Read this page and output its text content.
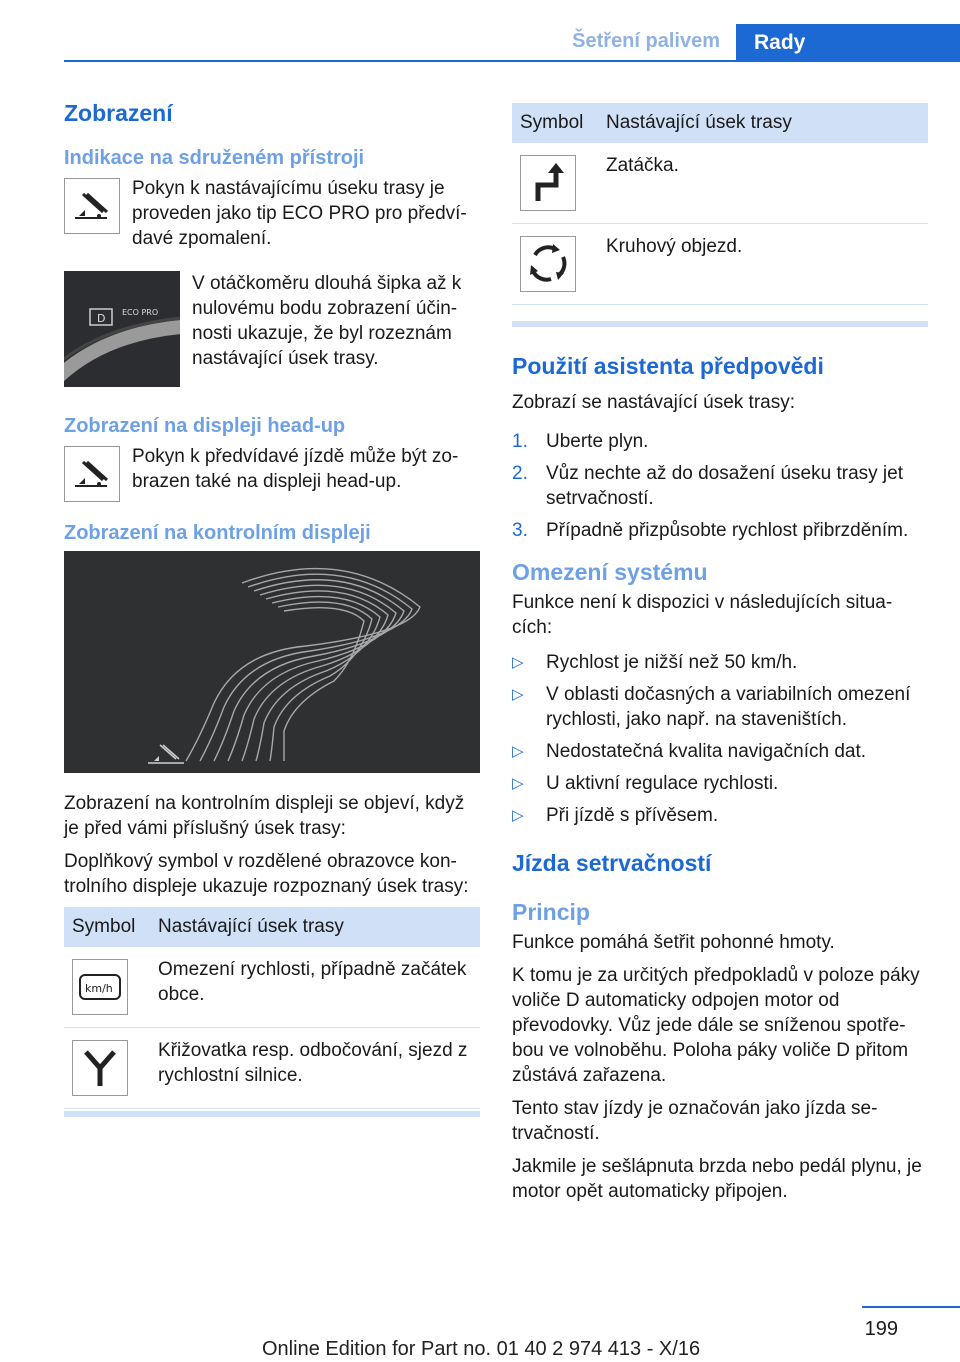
Šetření palivem	Rady
Zobrazení
Indikace na sdruženém přístroji

Pokyn k nastávajícímu úseku trasy je proveden jako tip ECO PRO pro předví-davé zpomalení.

D ECO PRO

V otáčkoměru dlouhá šipka až k nulovému bodu zobrazení účin-nosti ukazuje, že byl rozeznám nastávající úsek trasy.

Zobrazení na displeji head-up

Pokyn k předvídavé jízdě může být zo-brazen také na displeji head-up.

Zobrazení na kontrolním displeji

Zobrazení na kontrolním displeji se objeví, když je před vámi příslušný úsek trasy:

Doplňkový symbol v rozdělené obrazovce kon-trolního displeje ukazuje rozpoznaný úsek trasy:

Symbol	Nastávající úsek trasy

km/h	Omezení rychlosti, případně začátek obce.

	Křižovatka resp. odbočování, sjezd z rychlostní silnice.
Symbol	Nastávající úsek trasy

	Zatáčka.

	Kruhový objezd.
Použití asistenta předpovědi

Zobrazí se nastávající úsek trasy:

1. Uberte plyn.
2. Vůz nechte až do dosažení úseku trasy jet setrvačností.
3. Případně přizpůsobte rychlost přibrzděním.
Omezení systému

Funkce není k dispozici v následujících situa-cích:

▷	Rychlost je nižší než 50 km/h.
▷	V oblasti dočasných a variabilních omezení rychlosti, jako např. na staveništích.
▷	Nedostatečná kvalita navigačních dat.
▷	U aktivní regulace rychlosti.
▷	Při jízdě s přívěsem.
Jízda setrvačností
Princip

Funkce pomáhá šetřit pohonné hmoty.

K tomu je za určitých předpokladů v poloze páky voliče D automaticky odpojen motor od převodovky. Vůz jede dále se sníženou spotře-bou ve volnoběhu. Poloha páky voliče D přitom zůstává zařazena.

Tento stav jízdy je označován jako jízda se-trvačností.

Jakmile je sešlápnuta brzda nebo pedál plynu, je motor opět automaticky připojen.

199
Online Edition for Part no. 01 40 2 974 413 - X/16
